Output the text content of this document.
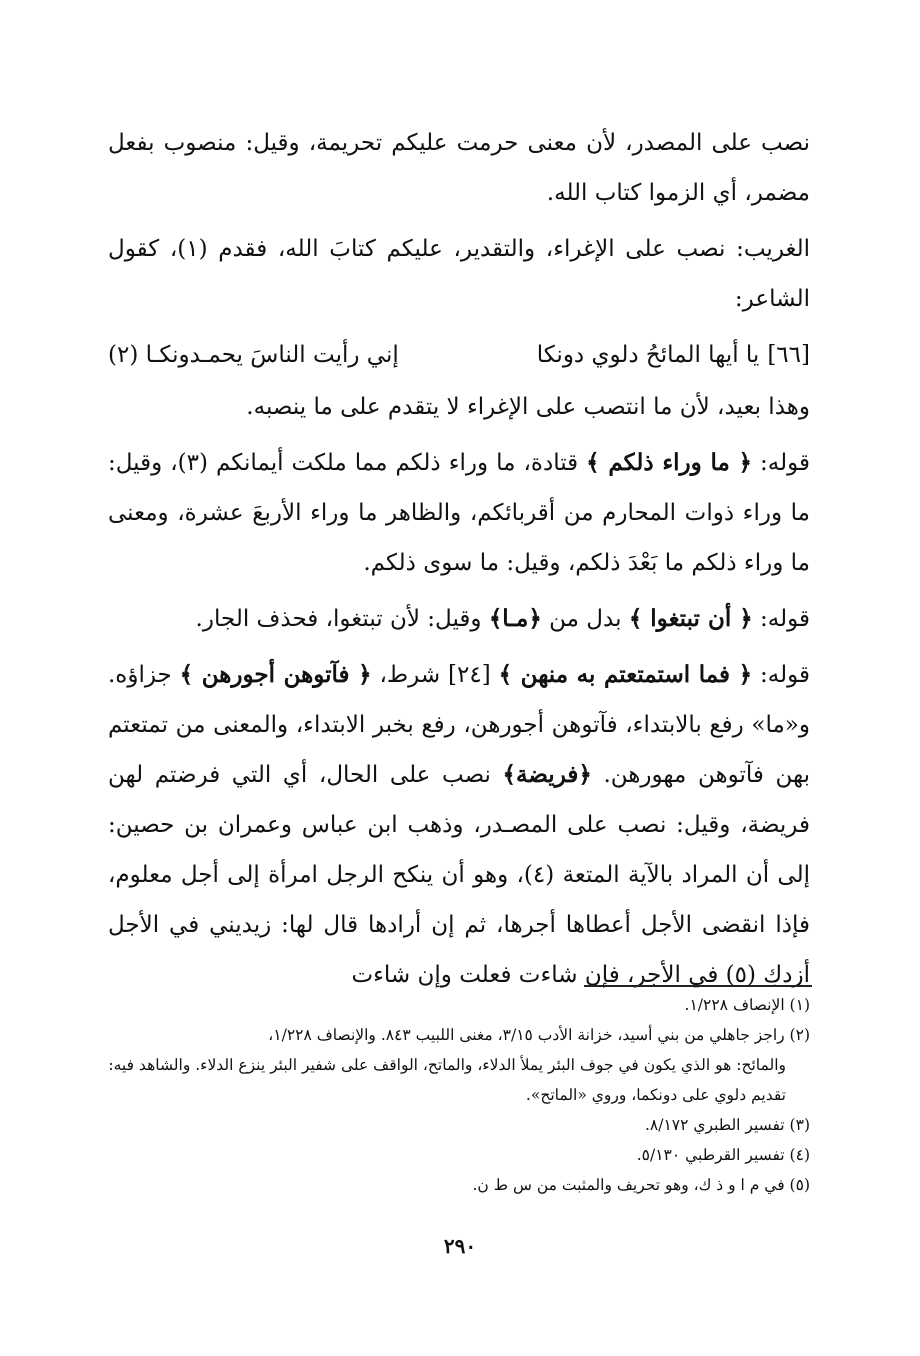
نصب على المصدر، لأن معنى حرمت عليكم تحريمة، وقيل: منصوب بفعل مضمر، أي الزموا كتاب الله.

الغريب: نصب على الإغراء، والتقدير، عليكم كتابَ الله، فقدم (١)، كقول الشاعر:

[٦٦]
يا أيها المائحُ دلوي دونكا
إني رأيت الناسَ يحمـدونكـا (٢)

وهذا بعيد، لأن ما انتصب على الإغراء لا يتقدم على ما ينصبه.

قوله: ﴿ ما وراء ذلكم ﴾ قتادة، ما وراء ذلكم مما ملكت أيمانكم (٣)، وقيل: ما وراء ذوات المحارم من أقربائكم، والظاهر ما وراء الأربعَ عشرة، ومعنى ما وراء ذلكم ما بَعْدَ ذلكم، وقيل: ما سوى ذلكم.

قوله: ﴿ أن تبتغوا ﴾ بدل من ﴿مـا﴾ وقيل: لأن تبتغوا، فحذف الجار.

قوله: ﴿ فما استمتعتم به منهن ﴾ [٢٤] شرط، ﴿ فآتوهن أجورهن ﴾ جزاؤه. و«ما» رفع بالابتداء، فآتوهن أجورهن، رفع بخبر الابتداء، والمعنى من تمتعتم بهن فآتوهن مهورهن. ﴿فريضة﴾ نصب على الحال، أي التي فرضتم لهن فريضة، وقيل: نصب على المصـدر، وذهب ابن عباس وعمران بن حصين: إلى أن المراد بالآية المتعة (٤)، وهو أن ينكح الرجل امرأة إلى أجل معلوم، فإذا انقضى الأجل أعطاها أجرها، ثم إن أرادها قال لها: زيديني في الأجل أزدكِ (٥) في الأجر، فإن شاءت فعلت وإن شاءت

(١) الإنصاف ١/٢٢٨.

(٢) راجز جاهلي من بني أسيد، خزانة الأدب ٣/١٥، مغنى اللبيب ٨٤٣. والإنصاف ١/٢٢٨،

والمائح: هو الذي يكون في جوف البئر يملأ الدلاء، والماتح، الواقف على شفير البئر ينزع الدلاء. والشاهد فيه: تقديم دلوي على دونكما، وروي «الماتح».

(٣) تفسير الطبري ٨/١٧٢.

(٤) تفسير القرطبي ٥/١٣٠.

(٥) في م ا و ذ ك، وهو تحريف والمثبت من س ط ن.

٢٩٠
